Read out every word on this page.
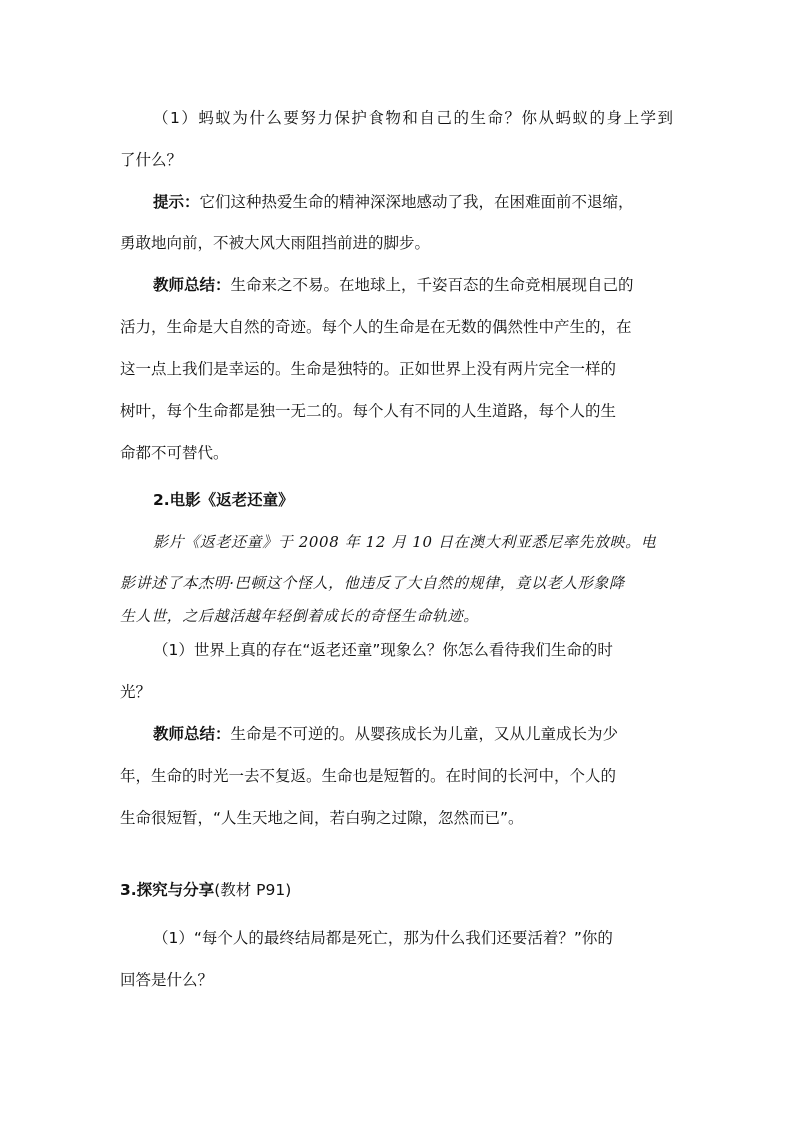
（1）蚂蚁为什么要努力保护食物和自己的生命？你从蚂蚁的身上学到
了什么？
提示：它们这种热爱生命的精神深深地感动了我，在困难面前不退缩，
勇敢地向前，不被大风大雨阻挡前进的脚步。
教师总结：生命来之不易。在地球上，千姿百态的生命竞相展现自己的
活力，生命是大自然的奇迹。每个人的生命是在无数的偶然性中产生的，在
这一点上我们是幸运的。生命是独特的。正如世界上没有两片完全一样的
树叶，每个生命都是独一无二的。每个人有不同的人生道路，每个人的生
命都不可替代。
2.电影《返老还童》
影片《返老还童》于 2008 年 12 月 10 日在澳大利亚悉尼率先放映。电
影讲述了本杰明·巴顿这个怪人，他违反了大自然的规律，竟以老人形象降
生人世，之后越活越年轻倒着成长的奇怪生命轨迹。
（1）世界上真的存在“返老还童”现象么？你怎么看待我们生命的时
光？
教师总结：生命是不可逆的。从婴孩成长为儿童，又从儿童成长为少
年，生命的时光一去不复返。生命也是短暂的。在时间的长河中，个人的
生命很短暂，“人生天地之间，若白驹之过隙，忽然而已”。
3.探究与分享(教材 P91)
（1）“每个人的最终结局都是死亡，那为什么我们还要活着？”你的
回答是什么？
